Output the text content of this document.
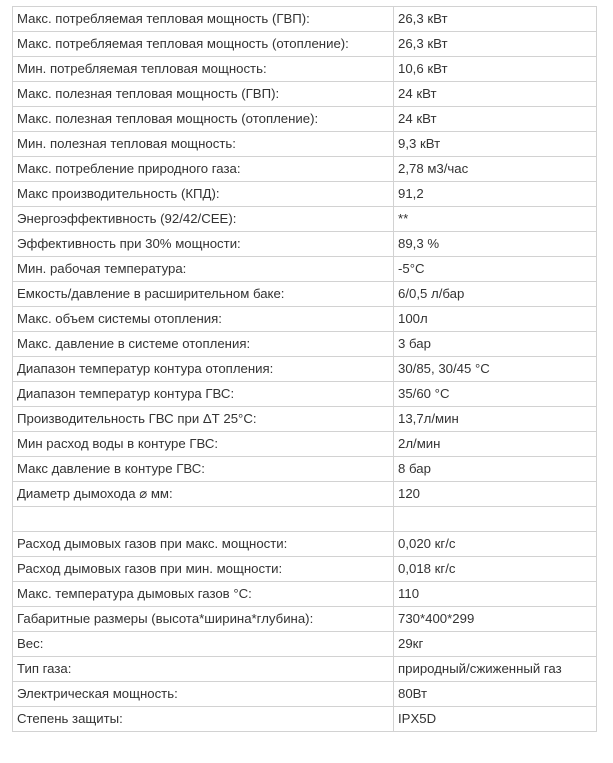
Макс. потребляемая тепловая мощность (ГВП):	26,3 кВт
Макс. потребляемая тепловая мощность (отопление):	26,3 кВт
Мин. потребляемая тепловая мощность:	10,6 кВт
Макс. полезная тепловая мощность (ГВП):	24 кВт
Макс. полезная тепловая мощность (отопление):	24 кВт
Мин. полезная тепловая мощность:	9,3 кВт
Макс. потребление природного газа:	2,78 м3/час
Макс производительность (КПД):	91,2
Энергоэффективность (92/42/CEE):	**
Эффективность при 30% мощности:	89,3 %
Мин. рабочая температура:	-5°С
Емкость/давление в расширительном баке:	6/0,5 л/бар
Макс. объем системы отопления:	100л
Макс. давление в системе отопления:	3 бар
Диапазон температур контура отопления:	30/85, 30/45 °С
Диапазон температур контура ГВС:	35/60 °С
Производительность ГВС при ΔТ 25°С:	13,7л/мин
Мин расход воды в контуре ГВС:	2л/мин
Макс давление в контуре ГВС:	8 бар
Диаметр дымохода ⌀ мм:	120

Расход дымовых газов при макс. мощности:	0,020 кг/с
Расход дымовых газов при мин. мощности:	0,018 кг/с
Макс. температура дымовых газов °С:	110
Габаритные размеры (высота*ширина*глубина):	730*400*299
Вес:	29кг
Тип газа:	природный/сжиженный газ
Электрическая мощность:	80Вт
Степень защиты:	IPX5D
